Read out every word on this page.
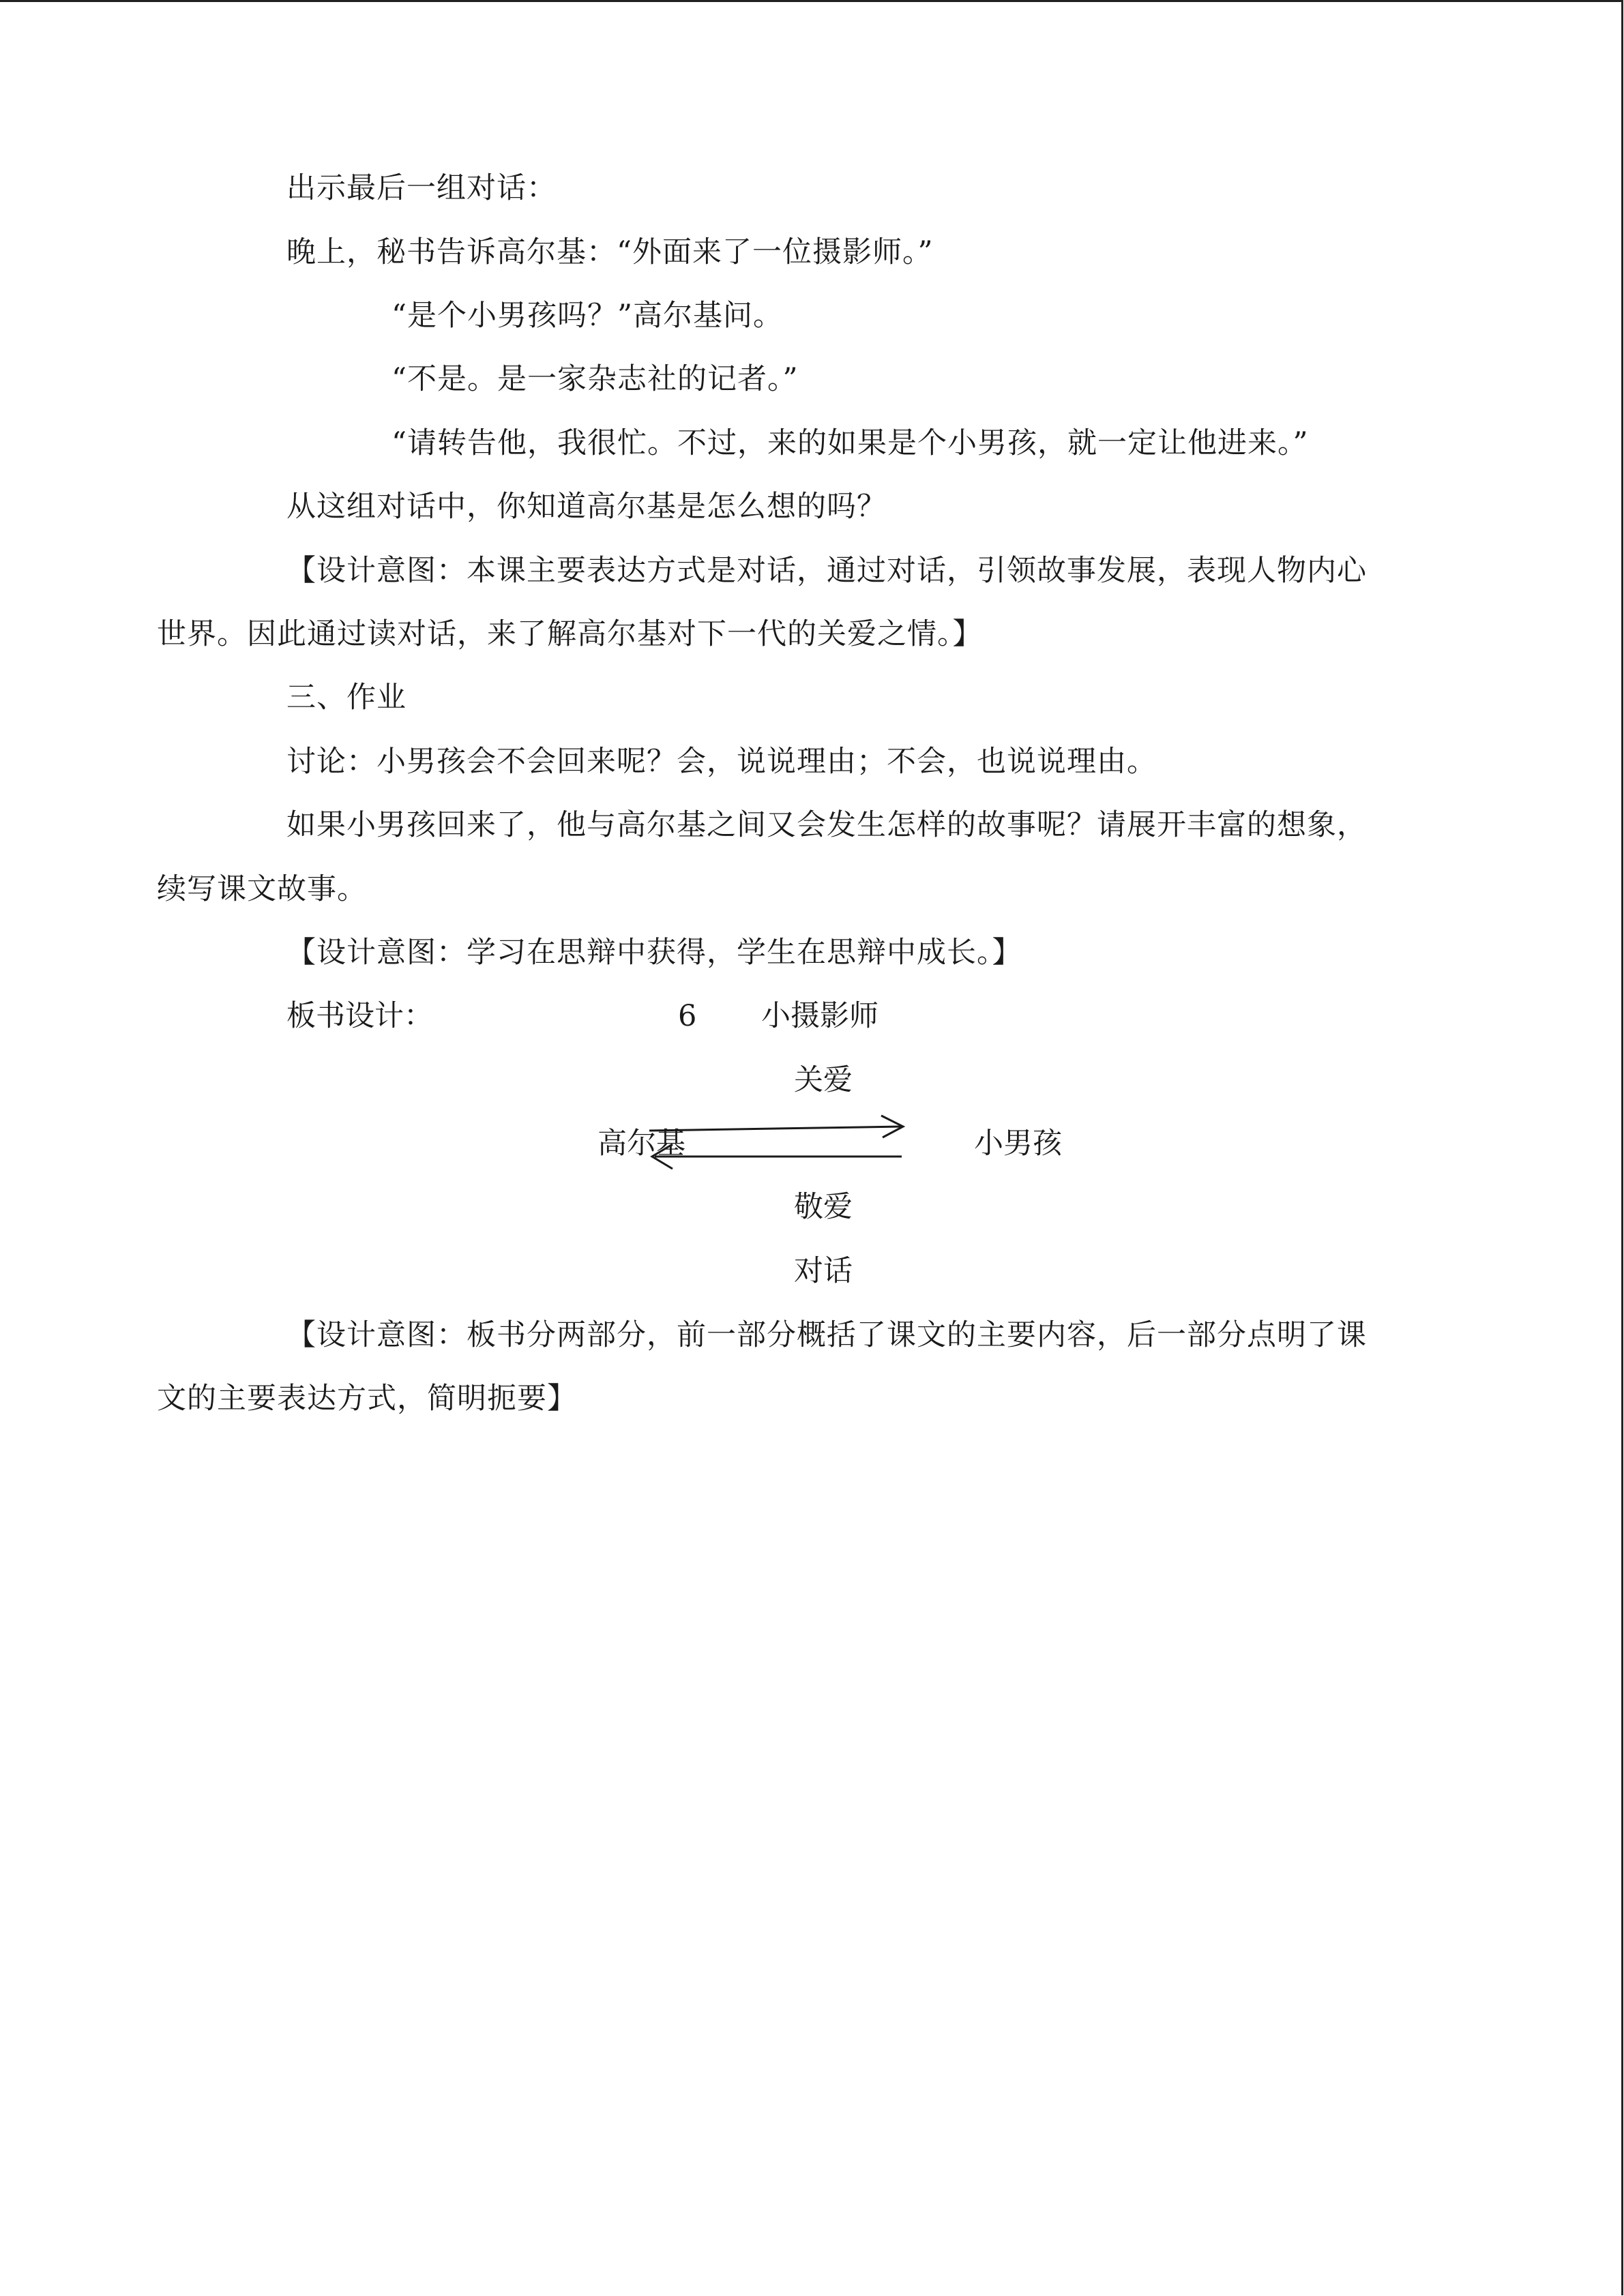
出示最后一组对话：
晚上，秘书告诉高尔基：“外面来了一位摄影师。”
“是个小男孩吗？”高尔基问。
“不是。是一家杂志社的记者。”
“请转告他，我很忙。不过，来的如果是个小男孩，就一定让他进来。”
从这组对话中，你知道高尔基是怎么想的吗？
【设计意图：本课主要表达方式是对话，通过对话，引领故事发展，表现人物内心
世界。因此通过读对话，来了解高尔基对下一代的关爱之情。】
三、作业
讨论：小男孩会不会回来呢？会，说说理由；不会，也说说理由。
如果小男孩回来了，他与高尔基之间又会发生怎样的故事呢？请展开丰富的想象，
续写课文故事。
【设计意图：学习在思辩中获得，学生在思辩中成长。】
板书设计：	6 小摄影师
关爱
高尔基	小男孩
敬爱
对话
【设计意图：板书分两部分，前一部分概括了课文的主要内容，后一部分点明了课
文的主要表达方式，简明扼要】
